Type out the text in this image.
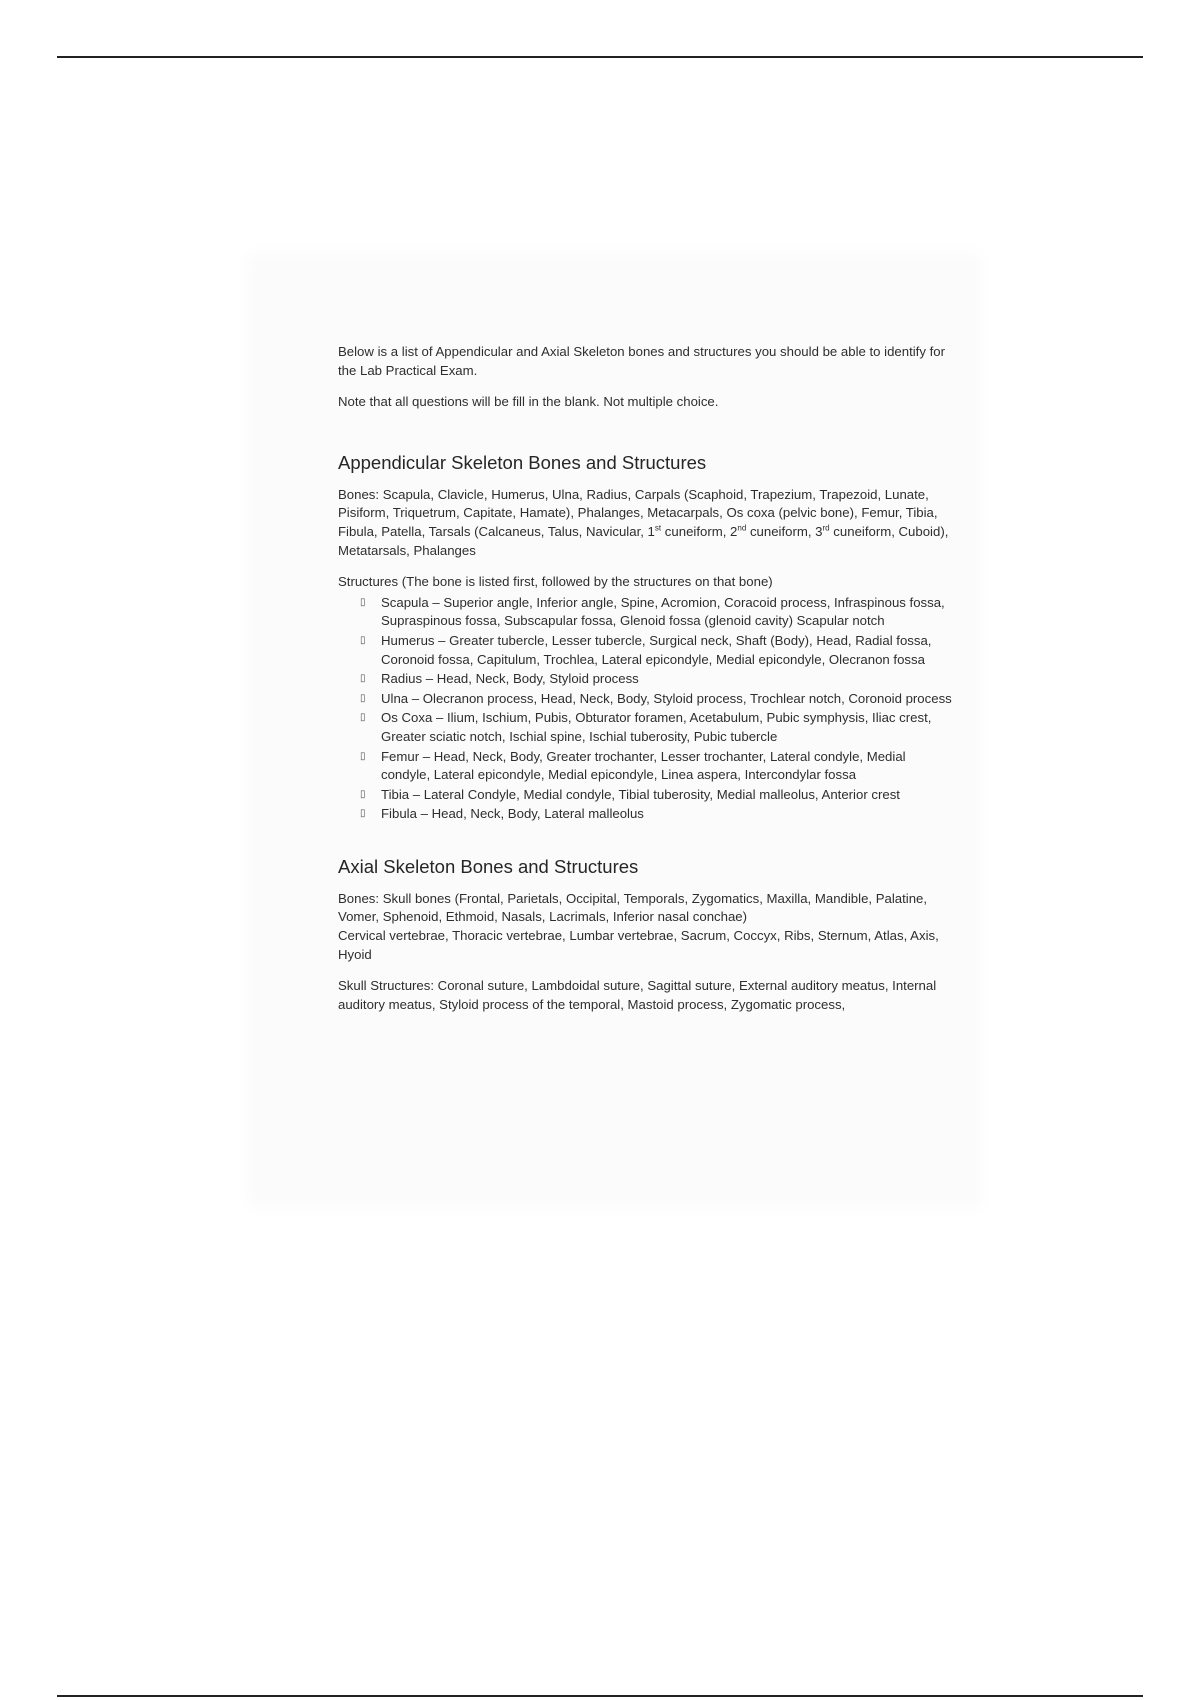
Below is a list of Appendicular and Axial Skeleton bones and structures you should be able to identify for the Lab Practical Exam.

Note that all questions will be fill in the blank. Not multiple choice.

Appendicular Skeleton Bones and Structures

Bones: Scapula, Clavicle, Humerus, Ulna, Radius, Carpals (Scaphoid, Trapezium, Trapezoid, Lunate, Pisiform, Triquetrum, Capitate, Hamate), Phalanges, Metacarpals, Os coxa (pelvic bone), Femur, Tibia, Fibula, Patella, Tarsals (Calcaneus, Talus, Navicular, 1st cuneiform, 2nd cuneiform, 3rd cuneiform, Cuboid), Metatarsals, Phalanges

Structures (The bone is listed first, followed by the structures on that bone)

▯ Scapula – Superior angle, Inferior angle, Spine, Acromion, Coracoid process, Infraspinous fossa, Supraspinous fossa, Subscapular fossa, Glenoid fossa (glenoid cavity) Scapular notch
▯ Humerus – Greater tubercle, Lesser tubercle, Surgical neck, Shaft (Body), Head, Radial fossa, Coronoid fossa, Capitulum, Trochlea, Lateral epicondyle, Medial epicondyle, Olecranon fossa
▯ Radius – Head, Neck, Body, Styloid process
▯ Ulna – Olecranon process, Head, Neck, Body, Styloid process, Trochlear notch, Coronoid process
▯ Os Coxa – Ilium, Ischium, Pubis, Obturator foramen, Acetabulum, Pubic symphysis, Iliac crest, Greater sciatic notch, Ischial spine, Ischial tuberosity, Pubic tubercle
▯ Femur – Head, Neck, Body, Greater trochanter, Lesser trochanter, Lateral condyle, Medial condyle, Lateral epicondyle, Medial epicondyle, Linea aspera, Intercondylar fossa
▯ Tibia – Lateral Condyle, Medial condyle, Tibial tuberosity, Medial malleolus, Anterior crest
▯ Fibula – Head, Neck, Body, Lateral malleolus
Axial Skeleton Bones and Structures

Bones: Skull bones (Frontal, Parietals, Occipital, Temporals, Zygomatics, Maxilla, Mandible, Palatine, Vomer, Sphenoid, Ethmoid, Nasals, Lacrimals, Inferior nasal conchae)

Cervical vertebrae, Thoracic vertebrae, Lumbar vertebrae, Sacrum, Coccyx, Ribs, Sternum, Atlas, Axis, Hyoid

Skull Structures: Coronal suture, Lambdoidal suture, Sagittal suture, External auditory meatus, Internal auditory meatus, Styloid process of the temporal, Mastoid process, Zygomatic process,
